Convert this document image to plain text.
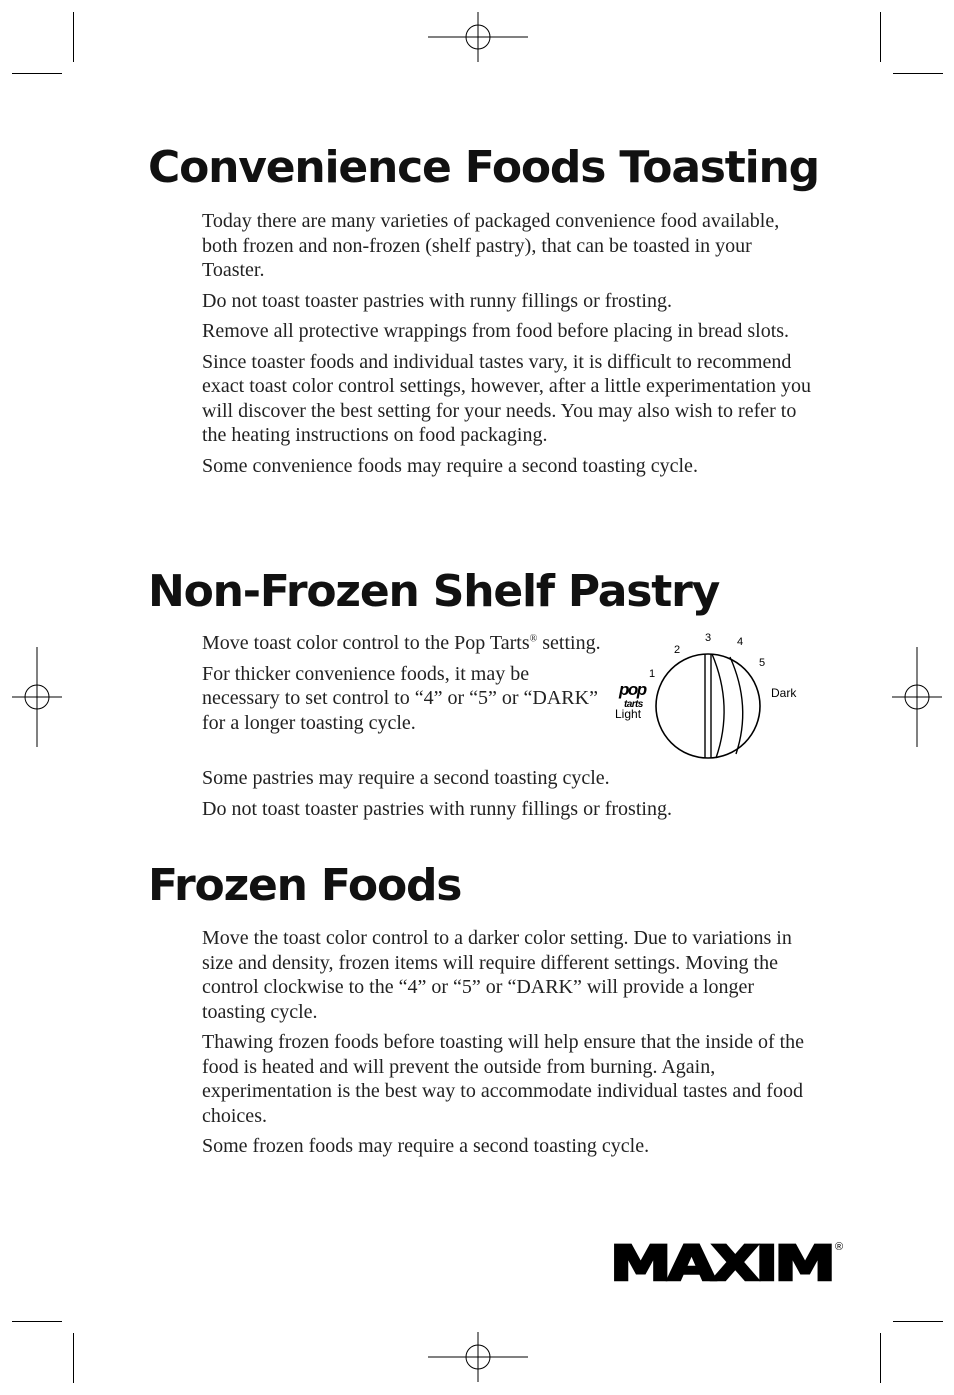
Convenience Foods Toasting

Today there are many varieties of packaged convenience food available, both frozen and non-frozen (shelf pastry), that can be toasted in your Toaster.

Do not toast toaster pastries with runny fillings or frosting.

Remove all protective wrappings from food before placing in bread slots.

Since toaster foods and individual tastes vary, it is difficult to recommend exact toast color control settings, however, after a little experimentation you will discover the best setting for your needs. You may also wish to refer to the heating instructions on food packaging.

Some convenience foods may require a second toasting cycle.

Non-Frozen Shelf Pastry

Move toast color control to the Pop Tarts® setting.

For thicker convenience foods, it may be necessary to set control to “4” or “5” or “DARK” for a longer toasting cycle.

Some pastries may require a second toasting cycle.

Do not toast toaster pastries with runny fillings or frosting.

1
2
3 4
5
Dark
Light
pop
tarts
Frozen Foods

Move the toast color control to a darker color setting. Due to variations in size and density, frozen items will require different settings. Moving the control clockwise to the “4” or “5” or “DARK” will provide a longer toasting cycle.

Thawing frozen foods before toasting will help ensure that the inside of the food is heated and will prevent the outside from burning. Again, experimentation is the best way to accommodate individual tastes and food choices.

Some frozen foods may require a second toasting cycle.

MAXIM ®
